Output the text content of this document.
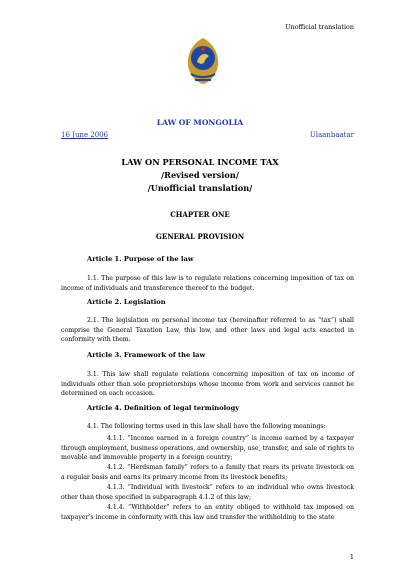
Unofficial translation
LAW OF MONGOLIA
16 June 2006	Ulaanbaatar
LAW ON PERSONAL INCOME TAX
/Revised version/
/Unofficial translation/
CHAPTER ONE
GENERAL PROVISION
Article 1. Purpose of the law
1.1. The purpose of this law is to regulate relations concerning imposition of tax on income of individuals and transference thereof to the budget.
Article 2. Legislation
2.1. The legislation on personal income tax (hereinafter referred to as “tax”) shall comprise the General Taxation Law, this law, and other laws and legal acts enacted in conformity with them.
Article 3. Framework of the law
3.1. This law shall regulate relations concerning imposition of tax on income of individuals other than sole proprietorships whose income from work and services cannot be determined on each occasion.
Article 4. Definition of legal terminology
4.1. The following terms used in this law shall have the following meanings:
4.1.1. “Income earned in a foreign country” is income earned by a taxpayer through employment, business operations, and ownership, use, transfer, and sale of rights to movable and immovable property in a foreign country;
4.1.2. “Herdsman family” refers to a family that rears its private livestock on a regular basis and earns its primary income from its livestock benefits;
4.1.3. “Individual with livestock” refers to an individual who owns livestock other than those specified in subparagraph 4.1.2 of this law;
4.1.4. “Withholder” refers to an entity obliged to withhold tax imposed on taxpayer’s income in conformity with this law and transfer the withholding to the state
1
